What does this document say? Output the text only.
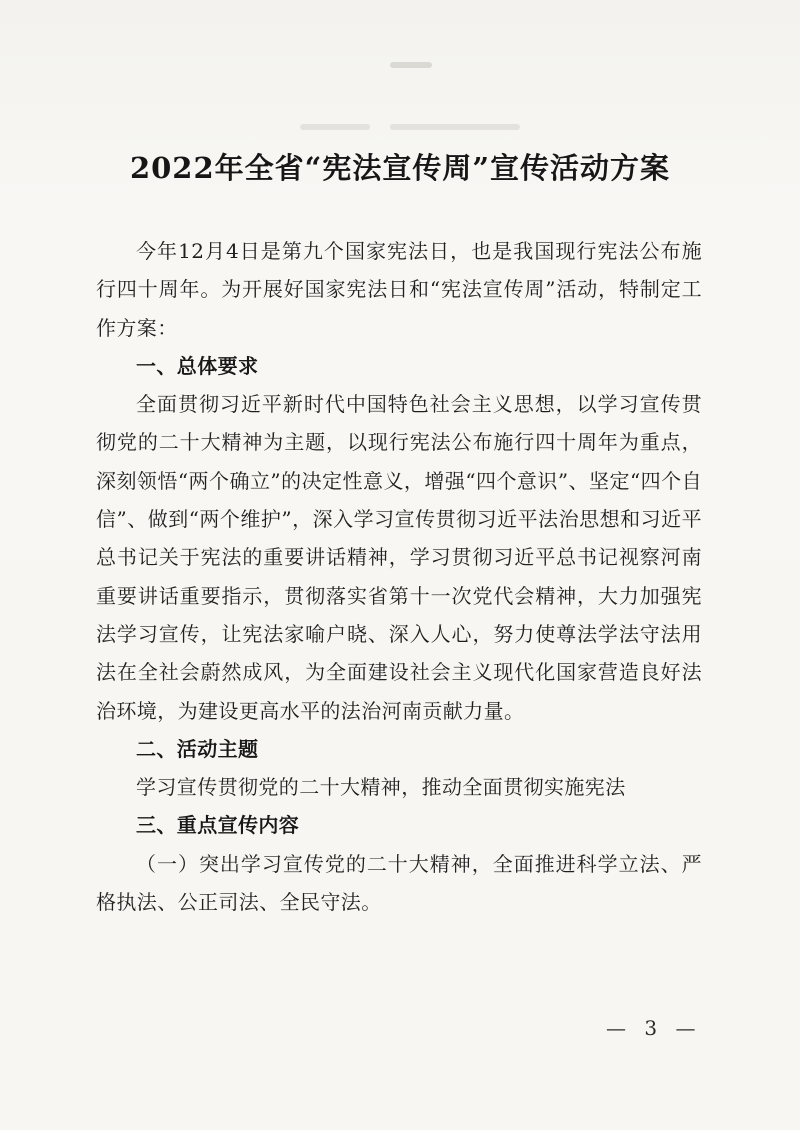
2022年全省“宪法宣传周”宣传活动方案

今年12月4日是第九个国家宪法日，也是我国现行宪法公布施行四十周年。为开展好国家宪法日和“宪法宣传周”活动，特制定工作方案：

一、总体要求

全面贯彻习近平新时代中国特色社会主义思想，以学习宣传贯彻党的二十大精神为主题，以现行宪法公布施行四十周年为重点，深刻领悟“两个确立”的决定性意义，增强“四个意识”、坚定“四个自信”、做到“两个维护”，深入学习宣传贯彻习近平法治思想和习近平总书记关于宪法的重要讲话精神，学习贯彻习近平总书记视察河南重要讲话重要指示，贯彻落实省第十一次党代会精神，大力加强宪法学习宣传，让宪法家喻户晓、深入人心，努力使尊法学法守法用法在全社会蔚然成风，为全面建设社会主义现代化国家营造良好法治环境，为建设更高水平的法治河南贡献力量。

二、活动主题

学习宣传贯彻党的二十大精神，推动全面贯彻实施宪法

三、重点宣传内容

（一）突出学习宣传党的二十大精神，全面推进科学立法、严格执法、公正司法、全民守法。

— 3 —
